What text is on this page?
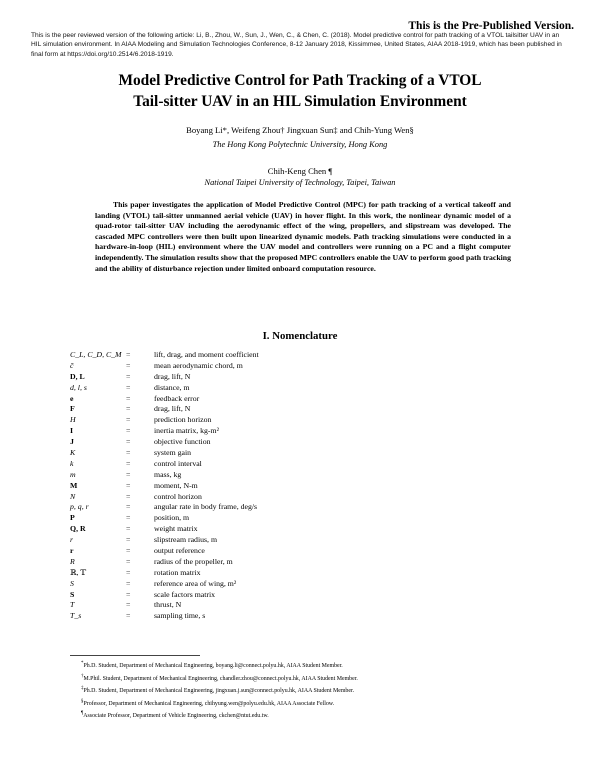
This is the Pre-Published Version.
This is the peer reviewed version of the following article: Li, B., Zhou, W., Sun, J., Wen, C., & Chen, C. (2018). Model predictive control for path tracking of a VTOL tailsitter UAV in an HIL simulation environment. In AIAA Modeling and Simulation Technologies Conference, 8-12 January 2018, Kissimmee, United States, AIAA 2018-1919, which has been published in final form at https://doi.org/10.2514/6.2018-1919.
Model Predictive Control for Path Tracking of a VTOL
Tail-sitter UAV in an HIL Simulation Environment
Boyang Li*, Weifeng Zhou† Jingxuan Sun‡ and Chih-Yung Wen§
The Hong Kong Polytechnic University, Hong Kong
Chih-Keng Chen ¶
National Taipei University of Technology, Taipei, Taiwan

This paper investigates the application of Model Predictive Control (MPC) for path tracking of a vertical takeoff and landing (VTOL) tail-sitter unmanned aerial vehicle (UAV) in hover flight. In this work, the nonlinear dynamic model of a quad-rotor tail-sitter UAV including the aerodynamic effect of the wing, propellers, and slipstream was developed. The cascaded MPC controllers were then built upon linearized dynamic models. Path tracking simulations were conducted in a hardware-in-loop (HIL) environment where the UAV model and controllers were running on a PC and a flight computer independently. The simulation results show that the proposed MPC controllers enable the UAV to perform good path tracking and the ability of disturbance rejection under limited onboard computation resource.

I. Nomenclature
C_L, C_D, C_M =	lift, drag, and moment coefficient
c̄	=	mean aerodynamic chord, m
D, L	=	drag, lift, N
d, l, s	=	distance, m
e	=	feedback error
F	=	drag, lift, N
H	=	prediction horizon
I	=	inertia matrix, kg-m²
J	=	objective function
K	=	system gain
k	=	control interval
m	=	mass, kg
M	=	moment, N-m
N	=	control horizon
p, q, r	=	angular rate in body frame, deg/s
P	=	position, m
Q, R	=	weight matrix
r	=	slipstream radius, m
r	=	output reference
R	=	radius of the propeller, m
ℝ, 𝕋	=	rotation matrix
S	=	reference area of wing, m²
S	=	scale factors matrix
T	=	thrust, N
T_s	=	sampling time, s
*Ph.D. Student, Department of Mechanical Engineering, boyang.li@connect.polyu.hk, AIAA Student Member.
†M.Phil. Student, Department of Mechanical Engineering, chandler.zhou@connect.polyu.hk, AIAA Student Member.
‡Ph.D. Student, Department of Mechanical Engineering, jingxuan.j.sun@connect.polyu.hk, AIAA Student Member.
§Professor, Department of Mechanical Engineering, chihyung.wen@polyu.edu.hk, AIAA Associate Fellow.
¶Associate Professor, Department of Vehicle Engineering, ckchen@ntut.edu.tw.
